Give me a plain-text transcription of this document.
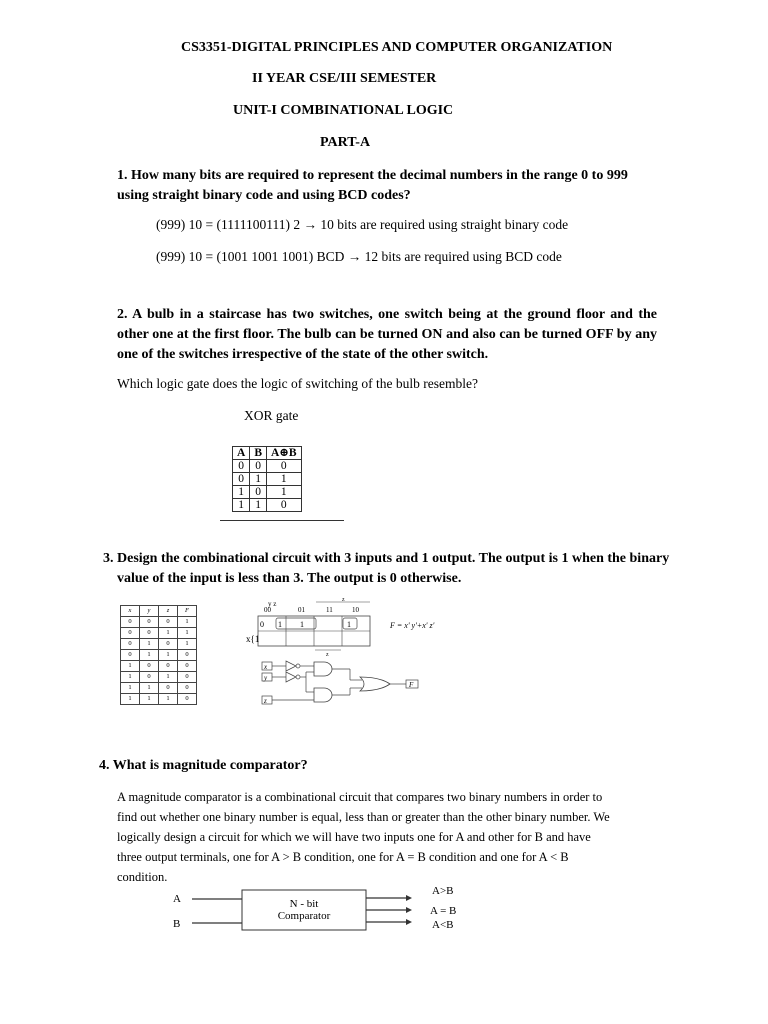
CS3351-DIGITAL PRINCIPLES AND COMPUTER ORGANIZATION
II YEAR CSE/III SEMESTER
UNIT-I COMBINATIONAL LOGIC
PART-A
1. How many bits are required to represent the decimal numbers in the range 0 to 999 using straight binary code and using BCD codes?
(999) 10 = (1111100111) 2 → 10 bits are required using straight binary code
(999) 10 = (1001 1001 1001) BCD → 12 bits are required using BCD code
2. A bulb in a staircase has two switches, one switch being at the ground floor and the other one at the first floor. The bulb can be turned ON and also can be turned OFF by any one of the switches irrespective of the state of the other switch.
Which logic gate does the logic of switching of the bulb resemble?
XOR gate
A	B	A⊕B
0	0	0
0	1	1
1	0	1
1	1	0
3. Design the combinational circuit with 3 inputs and 1 output. The output is 1 when the binary value of the input is less than 3. The output is 0 otherwise.
x	y	z	F
0	0	0	1
0	0	1	1
0	1	0	1
0	1	1	0
1	0	0	0
1	0	1	0
1	1	0	0
1	1	1	0
y z	z
00	01	11	10
0 1 1	1
x{1
z
F = x' y'+x' z'
x
y
z
F
4. What is magnitude comparator?
A magnitude comparator is a combinational circuit that compares two binary numbers in order to find out whether one binary number is equal, less than or greater than the other binary number. We logically design a circuit for which we will have two inputs one for A and other for B and have three output terminals, one for A > B condition, one for A = B condition and one for A < B condition.
A
B
N - bit
Comparator
A>B
A = B
A<B
